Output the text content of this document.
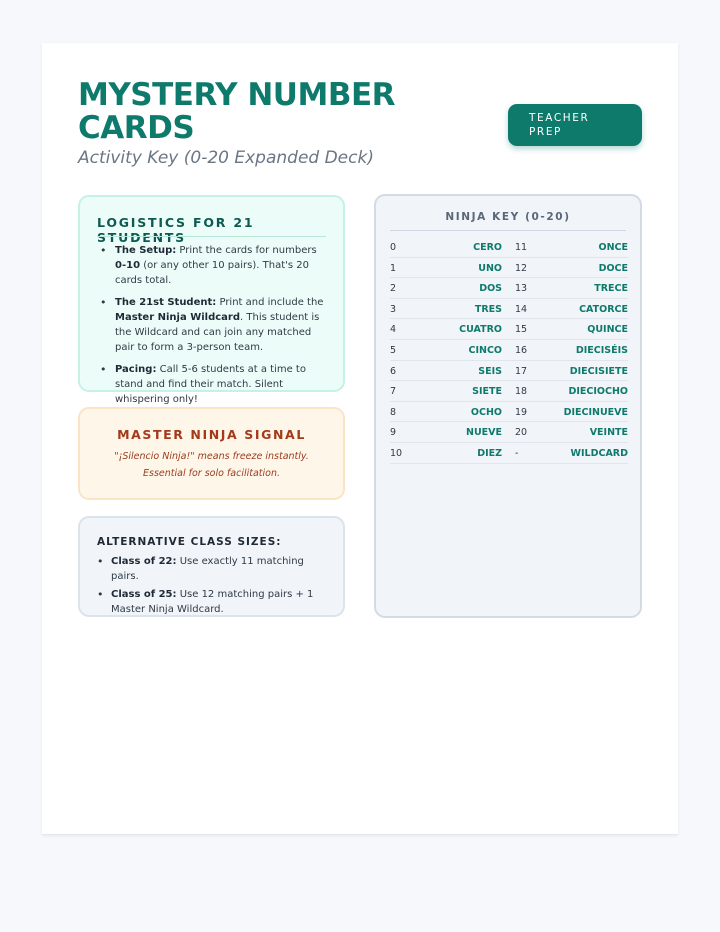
MYSTERY NUMBER CARDS
Activity Key (0-20 Expanded Deck)
TEACHER PREP
LOGISTICS FOR 21 STUDENTS
• The Setup: Print the cards for numbers 0-10 (or any other 10 pairs). That's 20 cards total.
• The 21st Student: Print and include the Master Ninja Wildcard. This student is the Wildcard and can join any matched pair to form a 3-person team.
• Pacing: Call 5-6 students at a time to stand and find their match. Silent whispering only!
MASTER NINJA SIGNAL

"¡Silencio Ninja!" means freeze instantly.
Essential for solo facilitation.

ALTERNATIVE CLASS SIZES:
• Class of 22: Use exactly 11 matching pairs.
• Class of 25: Use 12 matching pairs + 1 Master Ninja Wildcard.
NINJA KEY (0-20)
0	CERO 11	ONCE
1	UNO 12	DOCE
2	DOS 13	TRECE
3	TRES 14	CATORCE
4	CUATRO 15	QUINCE
5	CINCO 16	DIECISÉIS
6	SEIS 17	DIECISIETE
7	SIETE 18	DIECIOCHO
8	OCHO 19	DIECINUEVE
9	NUEVE 20	VEINTE
10	DIEZ -	WILDCARD
